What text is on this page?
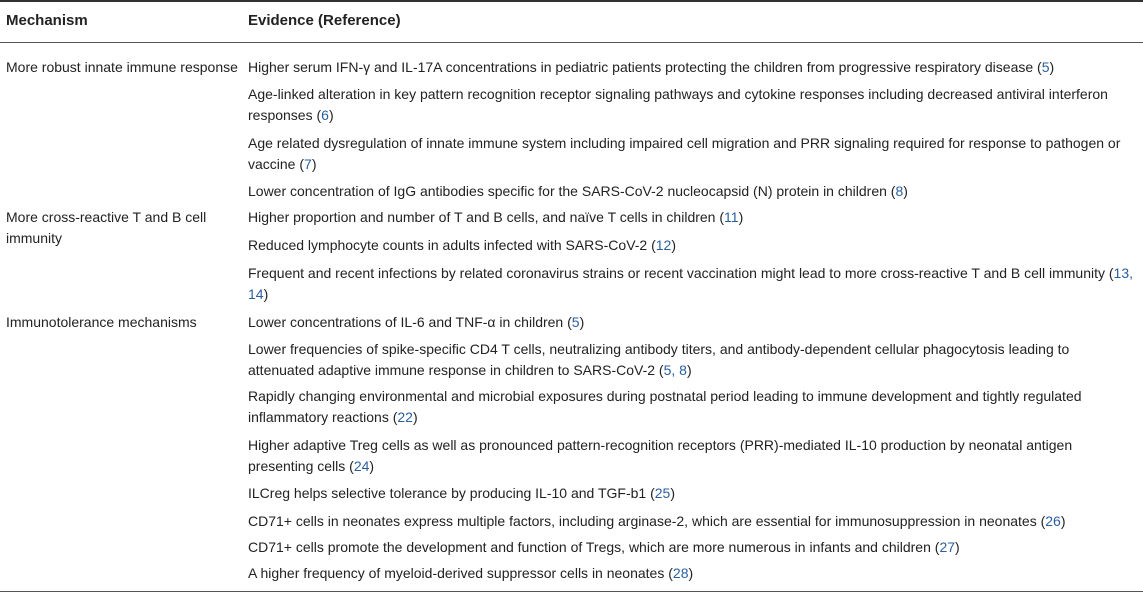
Mechanism	Evidence (Reference)
More robust innate immune response
More cross-reactive T and B cell immunity
Immunotolerance mechanisms
Higher serum IFN-γ and IL-17A concentrations in pediatric patients protecting the children from progressive respiratory disease (5)
Age-linked alteration in key pattern recognition receptor signaling pathways and cytokine responses including decreased antiviral interferon responses (6)
Age related dysregulation of innate immune system including impaired cell migration and PRR signaling required for response to pathogen or vaccine (7)
Lower concentration of IgG antibodies specific for the SARS-CoV-2 nucleocapsid (N) protein in children (8)
Higher proportion and number of T and B cells, and naïve T cells in children (11)
Reduced lymphocyte counts in adults infected with SARS-CoV-2 (12)
Frequent and recent infections by related coronavirus strains or recent vaccination might lead to more cross-reactive T and B cell immunity (13, 14)
Lower concentrations of IL-6 and TNF-α in children (5)
Lower frequencies of spike-specific CD4 T cells, neutralizing antibody titers, and antibody-dependent cellular phagocytosis leading to attenuated adaptive immune response in children to SARS-CoV-2 (5, 8)
Rapidly changing environmental and microbial exposures during postnatal period leading to immune development and tightly regulated inflammatory reactions (22)
Higher adaptive Treg cells as well as pronounced pattern-recognition receptors (PRR)-mediated IL-10 production by neonatal antigen presenting cells (24)
ILCreg helps selective tolerance by producing IL-10 and TGF-b1 (25)
CD71+ cells in neonates express multiple factors, including arginase-2, which are essential for immunosuppression in neonates (26)
CD71+ cells promote the development and function of Tregs, which are more numerous in infants and children (27)
A higher frequency of myeloid-derived suppressor cells in neonates (28)
